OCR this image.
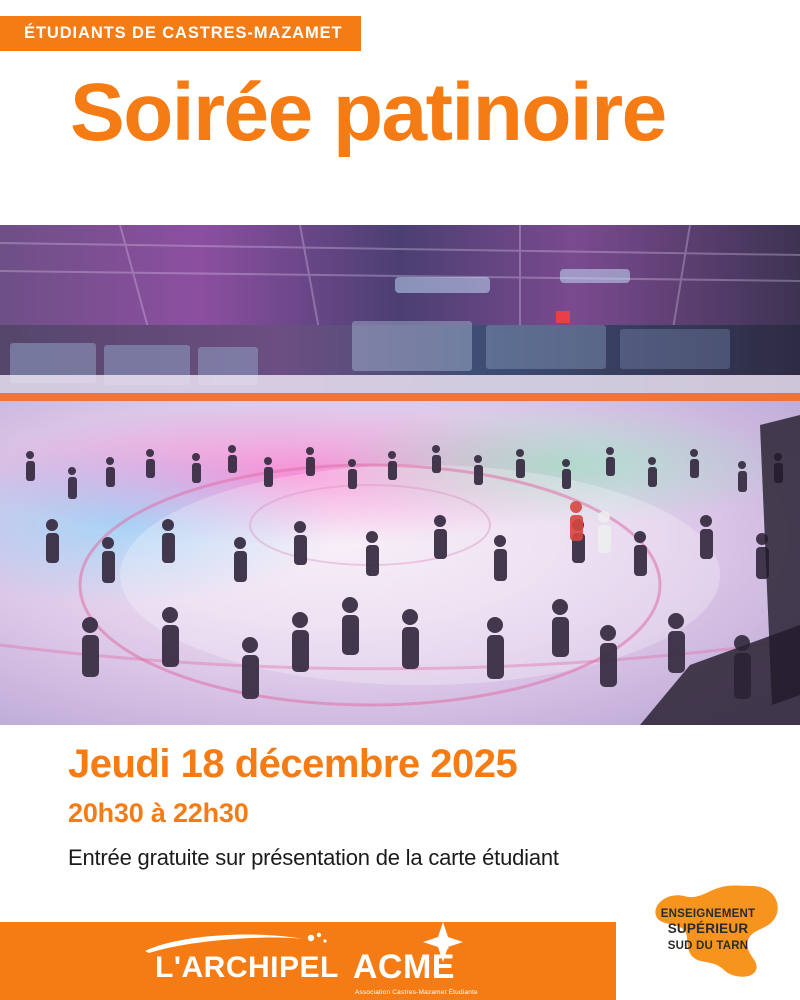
ÉTUDIANTS DE CASTRES-MAZAMET
Soirée patinoire
Jeudi 18 décembre 2025
20h30 à 22h30
Entrée gratuite sur présentation de la carte étudiant
L'ARCHIPEL ACMÉ
Association Castres-Mazamet Étudiante
ENSEIGNEMENT
SUPÉRIEUR
SUD DU TARN
